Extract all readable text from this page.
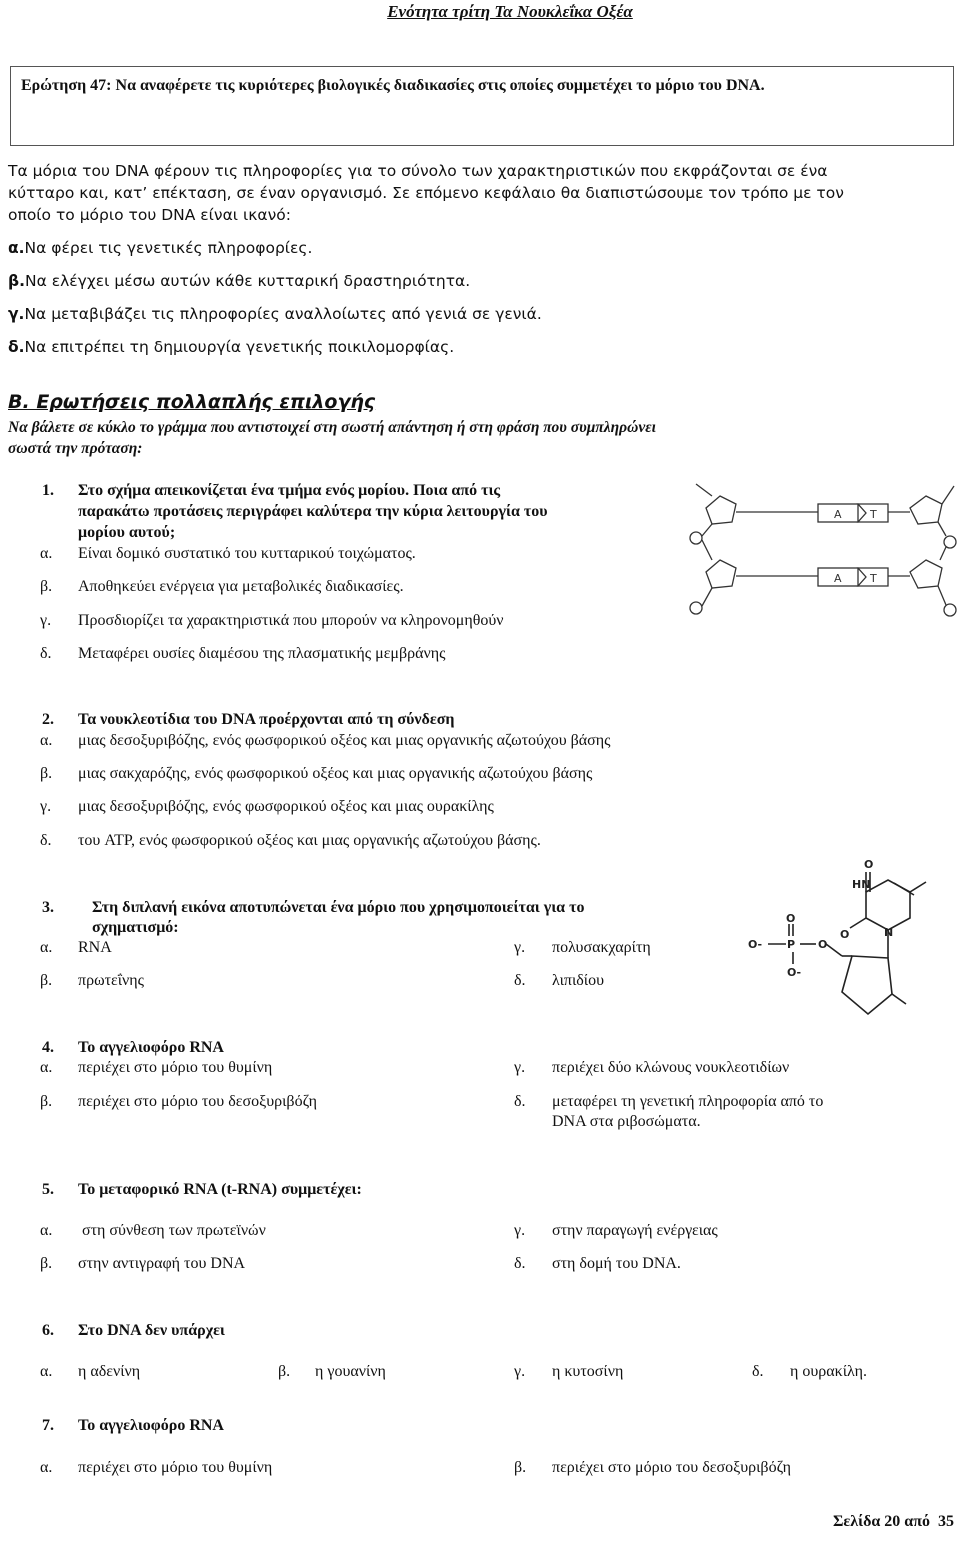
Ενότητα τρίτη Τα Νουκλεΐκα Οξέα
Ερώτηση 47: Να αναφέρετε τις κυριότερες βιολογικές διαδικασίες στις οποίες συμμετέχει το μόριο του DNA.
Τα μόρια του DNA φέρουν τις πληροφορίες για το σύνολο των χαρακτηριστικών που εκφράζονται σε ένα
κύτταρο και, κατ’ επέκταση, σε έναν οργανισμό. Σε επόμενο κεφάλαιο θα διαπιστώσουμε τον τρόπο με τον
οποίο το μόριο του DNA είναι ικανό:
α.Να φέρει τις γενετικές πληροφορίες.
β.Να ελέγχει μέσω αυτών κάθε κυτταρική δραστηριότητα.
γ.Να μεταβιβάζει τις πληροφορίες αναλλοίωτες από γενιά σε γενιά.
δ.Να επιτρέπει τη δημιουργία γενετικής ποικιλομορφίας.
Β. Ερωτήσεις πολλαπλής επιλογής
Να βάλετε σε κύκλο το γράμμα που αντιστοιχεί στη σωστή απάντηση ή στη φράση που συμπληρώνει
σωστά την πρόταση:
1. Στο σχήμα απεικονίζεται ένα τμήμα ενός μορίου. Ποια από τις
παρακάτω προτάσεις περιγράφει καλύτερα την κύρια λειτουργία του
μορίου αυτού;
α. Είναι δομικό συστατικό του κυτταρικού τοιχώματος.
β. Αποθηκεύει ενέργεια για μεταβολικές διαδικασίες.
γ. Προσδιορίζει τα χαρακτηριστικά που μπορούν να κληρονομηθούν
δ. Μεταφέρει ουσίες διαμέσου της πλασματικής μεμβράνης
A	T
A	T
2. Τα νουκλεοτίδια του DNA προέρχονται από τη σύνδεση
α. μιας δεσοξυριβόζης, ενός φωσφορικού οξέος και μιας οργανικής αζωτούχου βάσης
β. μιας σακχαρόζης, ενός φωσφορικού οξέος και μιας οργανικής αζωτούχου βάσης
γ. μιας δεσοξυριβόζης, ενός φωσφορικού οξέος και μιας ουρακίλης
δ. του ATP, ενός φωσφορικού οξέος και μιας οργανικής αζωτούχου βάσης.
3. Στη διπλανή εικόνα αποτυπώνεται ένα μόριο που χρησιμοποιείται για το
σχηματισμό:
α. RNA	γ. πολυσακχαρίτη
β. πρωτεΐνης	δ. λιπιδίου
HN
O
O	N
O
P O
O-
O-
4. Το αγγελιοφόρο RNA
α. περιέχει στο μόριο του θυμίνη	γ. περιέχει δύο κλώνους νουκλεοτιδίων
β. περιέχει στο μόριο του δεσοξυριβόζη	δ. μεταφέρει τη γενετική πληροφορία από το
DNA στα ριβοσώματα.
5. Το μεταφορικό RNA (t-RNA) συμμετέχει:
α. στη σύνθεση των πρωτεϊνών	γ. στην παραγωγή ενέργειας
β. στην αντιγραφή του DNA	δ. στη δομή του DNA.
6. Στο DNA δεν υπάρχει
α. η αδενίνη	β. η γουανίνη	γ. η κυτοσίνη	δ. η ουρακίλη.
7. Το αγγελιοφόρο RNA
α. περιέχει στο μόριο του θυμίνη	β. περιέχει στο μόριο του δεσοξυριβόζη
Σελίδα 20 από  35
